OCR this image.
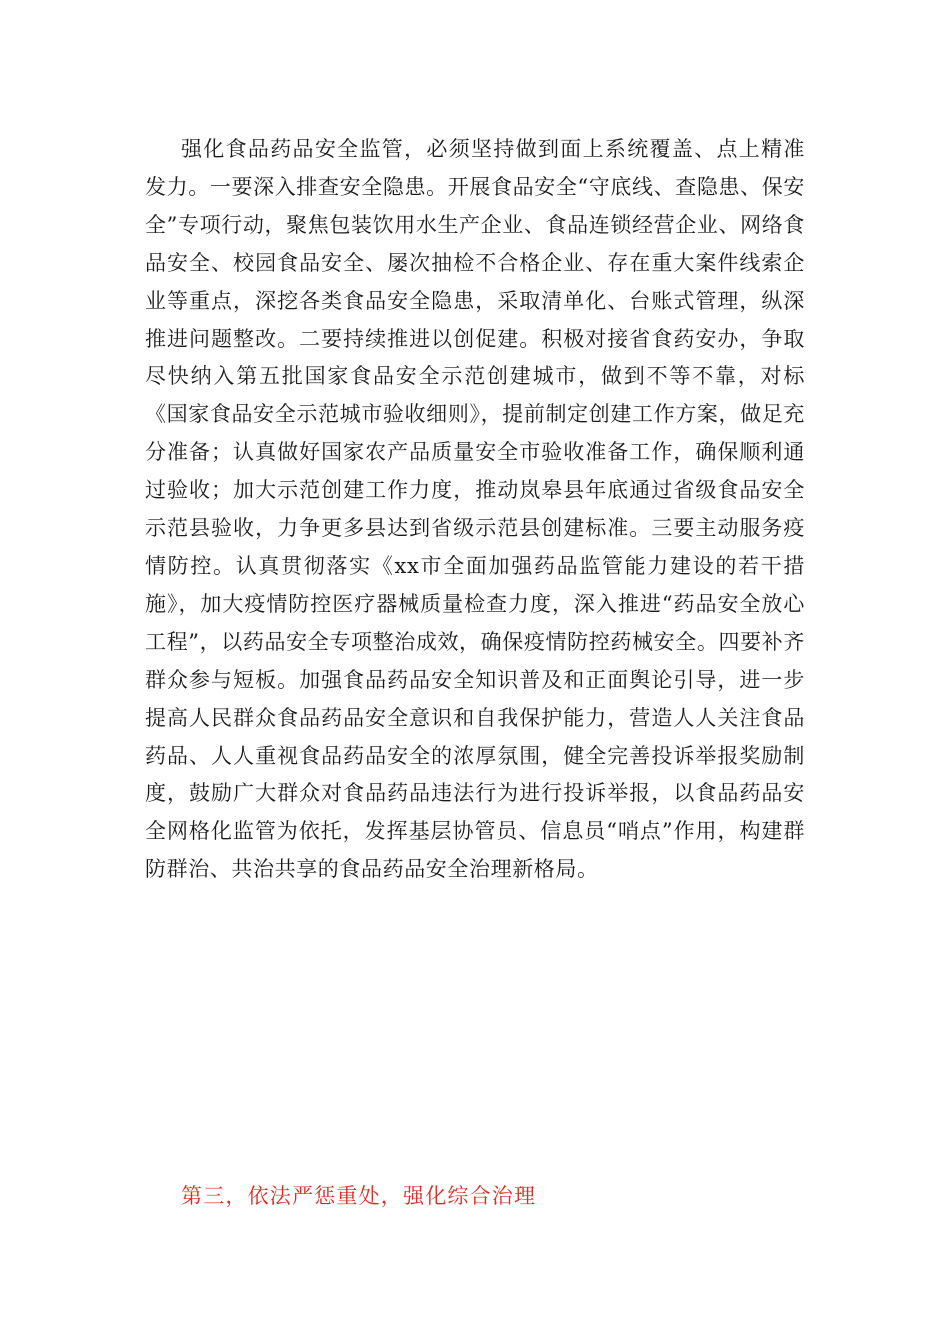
强化食品药品安全监管，必须坚持做到面上系统覆盖、点上精准发力。一要深入排查安全隐患。开展食品安全“守底线、查隐患、保安全”专项行动，聚焦包装饮用水生产企业、食品连锁经营企业、网络食品安全、校园食品安全、屡次抽检不合格企业、存在重大案件线索企业等重点，深挖各类食品安全隐患，采取清单化、台账式管理，纵深推进问题整改。二要持续推进以创促建。积极对接省食药安办，争取尽快纳入第五批国家食品安全示范创建城市，做到不等不靠，对标《国家食品安全示范城市验收细则》，提前制定创建工作方案，做足充分准备；认真做好国家农产品质量安全市验收准备工作，确保顺利通过验收；加大示范创建工作力度，推动岚皋县年底通过省级食品安全示范县验收，力争更多县达到省级示范县创建标准。三要主动服务疫情防控。认真贯彻落实《xx市全面加强药品监管能力建设的若干措施》，加大疫情防控医疗器械质量检查力度，深入推进“药品安全放心工程”，以药品安全专项整治成效，确保疫情防控药械安全。四要补齐群众参与短板。加强食品药品安全知识普及和正面舆论引导，进一步提高人民群众食品药品安全意识和自我保护能力，营造人人关注食品药品、人人重视食品药品安全的浓厚氛围，健全完善投诉举报奖励制度，鼓励广大群众对食品药品违法行为进行投诉举报，以食品药品安全网格化监管为依托，发挥基层协管员、信息员“哨点”作用，构建群防群治、共治共享的食品药品安全治理新格局。

第三，依法严惩重处，强化综合治理
